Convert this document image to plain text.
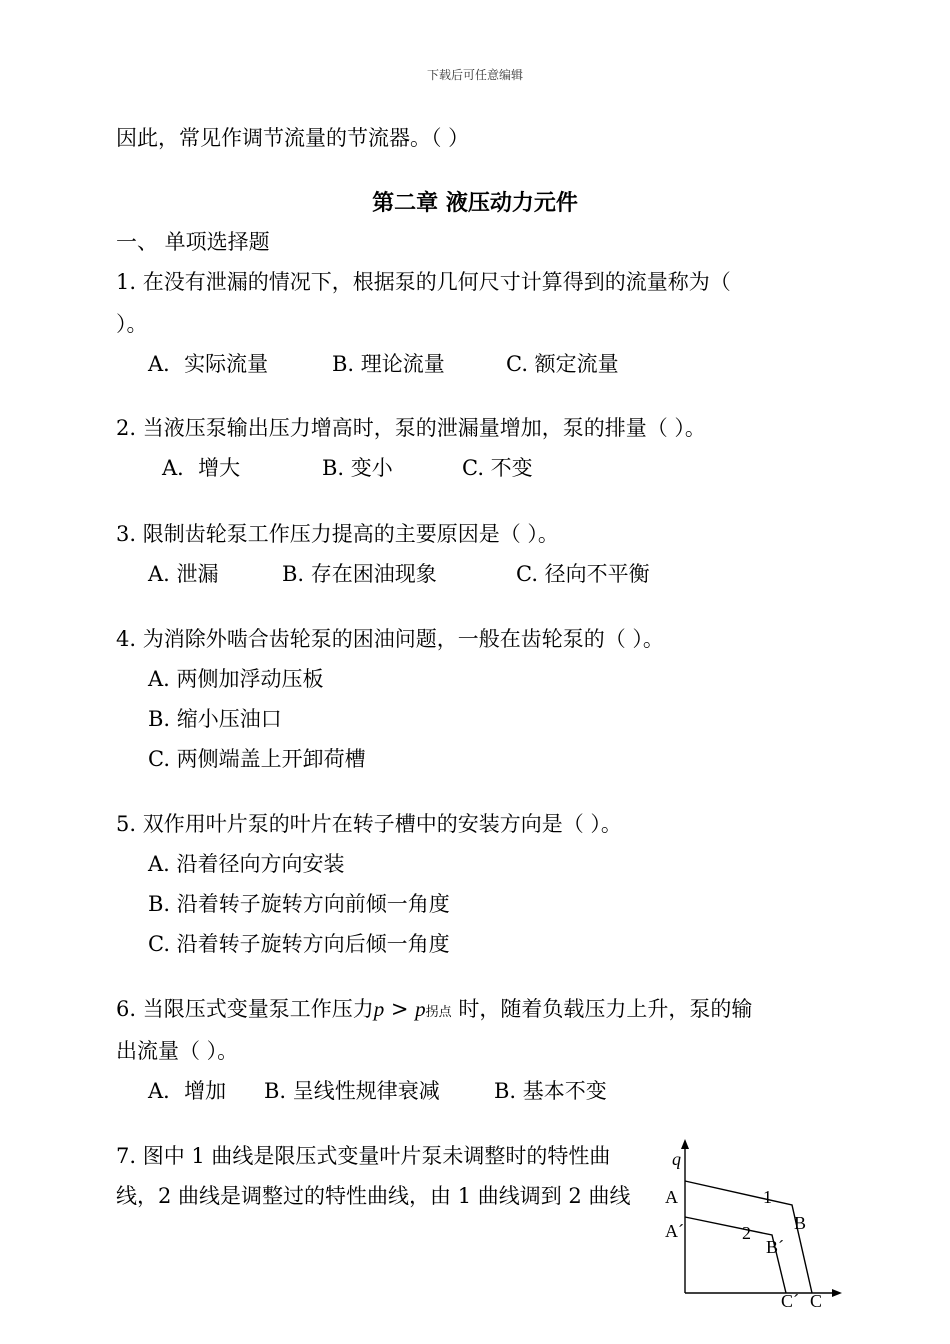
下载后可任意编辑
因此，常见作调节流量的节流器。（ ）
第二章 液压动力元件
一、 单项选择题
1. 在没有泄漏的情况下，根据泵的几何尺寸计算得到的流量称为（
）。
A．实际流量	B. 理论流量	C. 额定流量
2. 当液压泵输出压力增高时，泵的泄漏量增加，泵的排量（ ）。
A．增大	B. 变小	C. 不变
3. 限制齿轮泵工作压力提高的主要原因是（ ）。
A. 泄漏	B. 存在困油现象	C. 径向不平衡
4. 为消除外啮合齿轮泵的困油问题，一般在齿轮泵的（ ）。
A. 两侧加浮动压板
B. 缩小压油口
C. 两侧端盖上开卸荷槽
5. 双作用叶片泵的叶片在转子槽中的安装方向是（ ）。
A. 沿着径向方向安装
B. 沿着转子旋转方向前倾一角度
C. 沿着转子旋转方向后倾一角度
6. 当限压式变量泵工作压力p > p拐点 时，随着负载压力上升，泵的输
出流量（ ）。
A．增加 B. 呈线性规律衰减	B. 基本不变
7. 图中 1 曲线是限压式变量叶片泵未调整时的特性曲
线，2 曲线是调整过的特性曲线，由 1 曲线调到 2 曲线
q
A
A´
1
2 B
B´
C´ C
